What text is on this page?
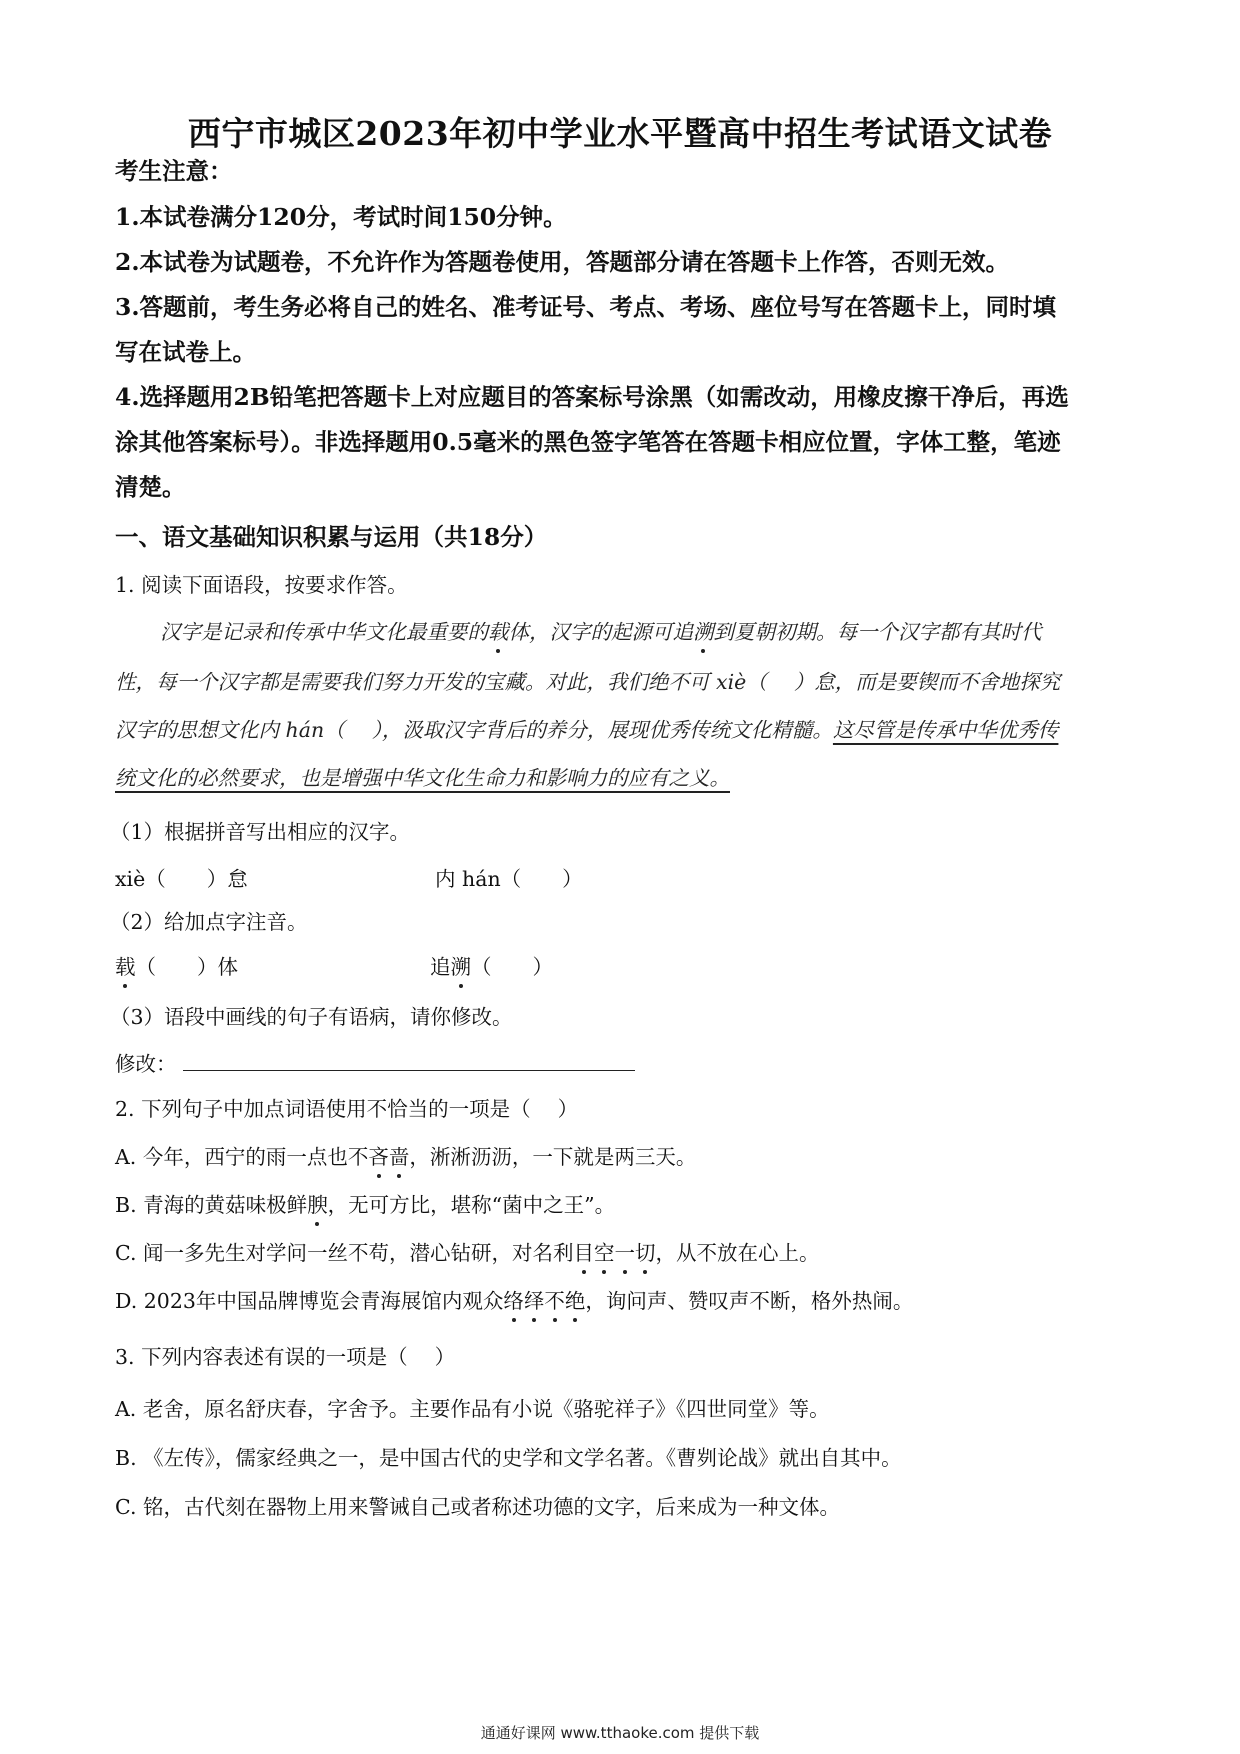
西宁市城区2023年初中学业水平暨高中招生考试语文试卷
考生注意：
1.本试卷满分120分，考试时间150分钟。
2.本试卷为试题卷，不允许作为答题卷使用，答题部分请在答题卡上作答，否则无效。
3.答题前，考生务必将自己的姓名、准考证号、考点、考场、座位号写在答题卡上，同时填
写在试卷上。
4.选择题用2B铅笔把答题卡上对应题目的答案标号涂黑（如需改动，用橡皮擦干净后，再选
涂其他答案标号）。非选择题用0.5毫米的黑色签字笔答在答题卡相应位置，字体工整，笔迹
清楚。
一、语文基础知识积累与运用（共18分）
1. 阅读下面语段，按要求作答。
汉字是记录和传承中华文化最重要的载体，汉字的起源可追溯到夏朝初期。每一个汉字都有其时代
性，每一个汉字都是需要我们努力开发的宝藏。对此，我们绝不可 xiè（　 ）怠，而是要锲而不舍地探究
汉字的思想文化内 hán（　 ），汲取汉字背后的养分，展现优秀传统文化精髓。这尽管是传承中华优秀传
统文化的必然要求，也是增强中华文化生命力和影响力的应有之义。
（1）根据拼音写出相应的汉字。
xiè（　　）怠	内 hán（　　）
（2）给加点字注音。
载（　　）体	追溯（　　）
（3）语段中画线的句子有语病，请你修改。
修改：
2. 下列句子中加点词语使用不恰当的一项是（　 ）
A. 今年，西宁的雨一点也不吝啬，淅淅沥沥，一下就是两三天。
B. 青海的黄菇味极鲜腴，无可方比，堪称“菌中之王”。
C. 闻一多先生对学问一丝不苟，潜心钻研，对名利目空一切，从不放在心上。
D. 2023年中国品牌博览会青海展馆内观众络绎不绝，询问声、赞叹声不断，格外热闹。
3. 下列内容表述有误的一项是（　 ）
A. 老舍，原名舒庆春，字舍予。主要作品有小说《骆驼祥子》《四世同堂》等。
B. 《左传》，儒家经典之一，是中国古代的史学和文学名著。《曹刿论战》就出自其中。
C. 铭，古代刻在器物上用来警诫自己或者称述功德的文字，后来成为一种文体。
通通好课网 www.tthaoke.com 提供下载
